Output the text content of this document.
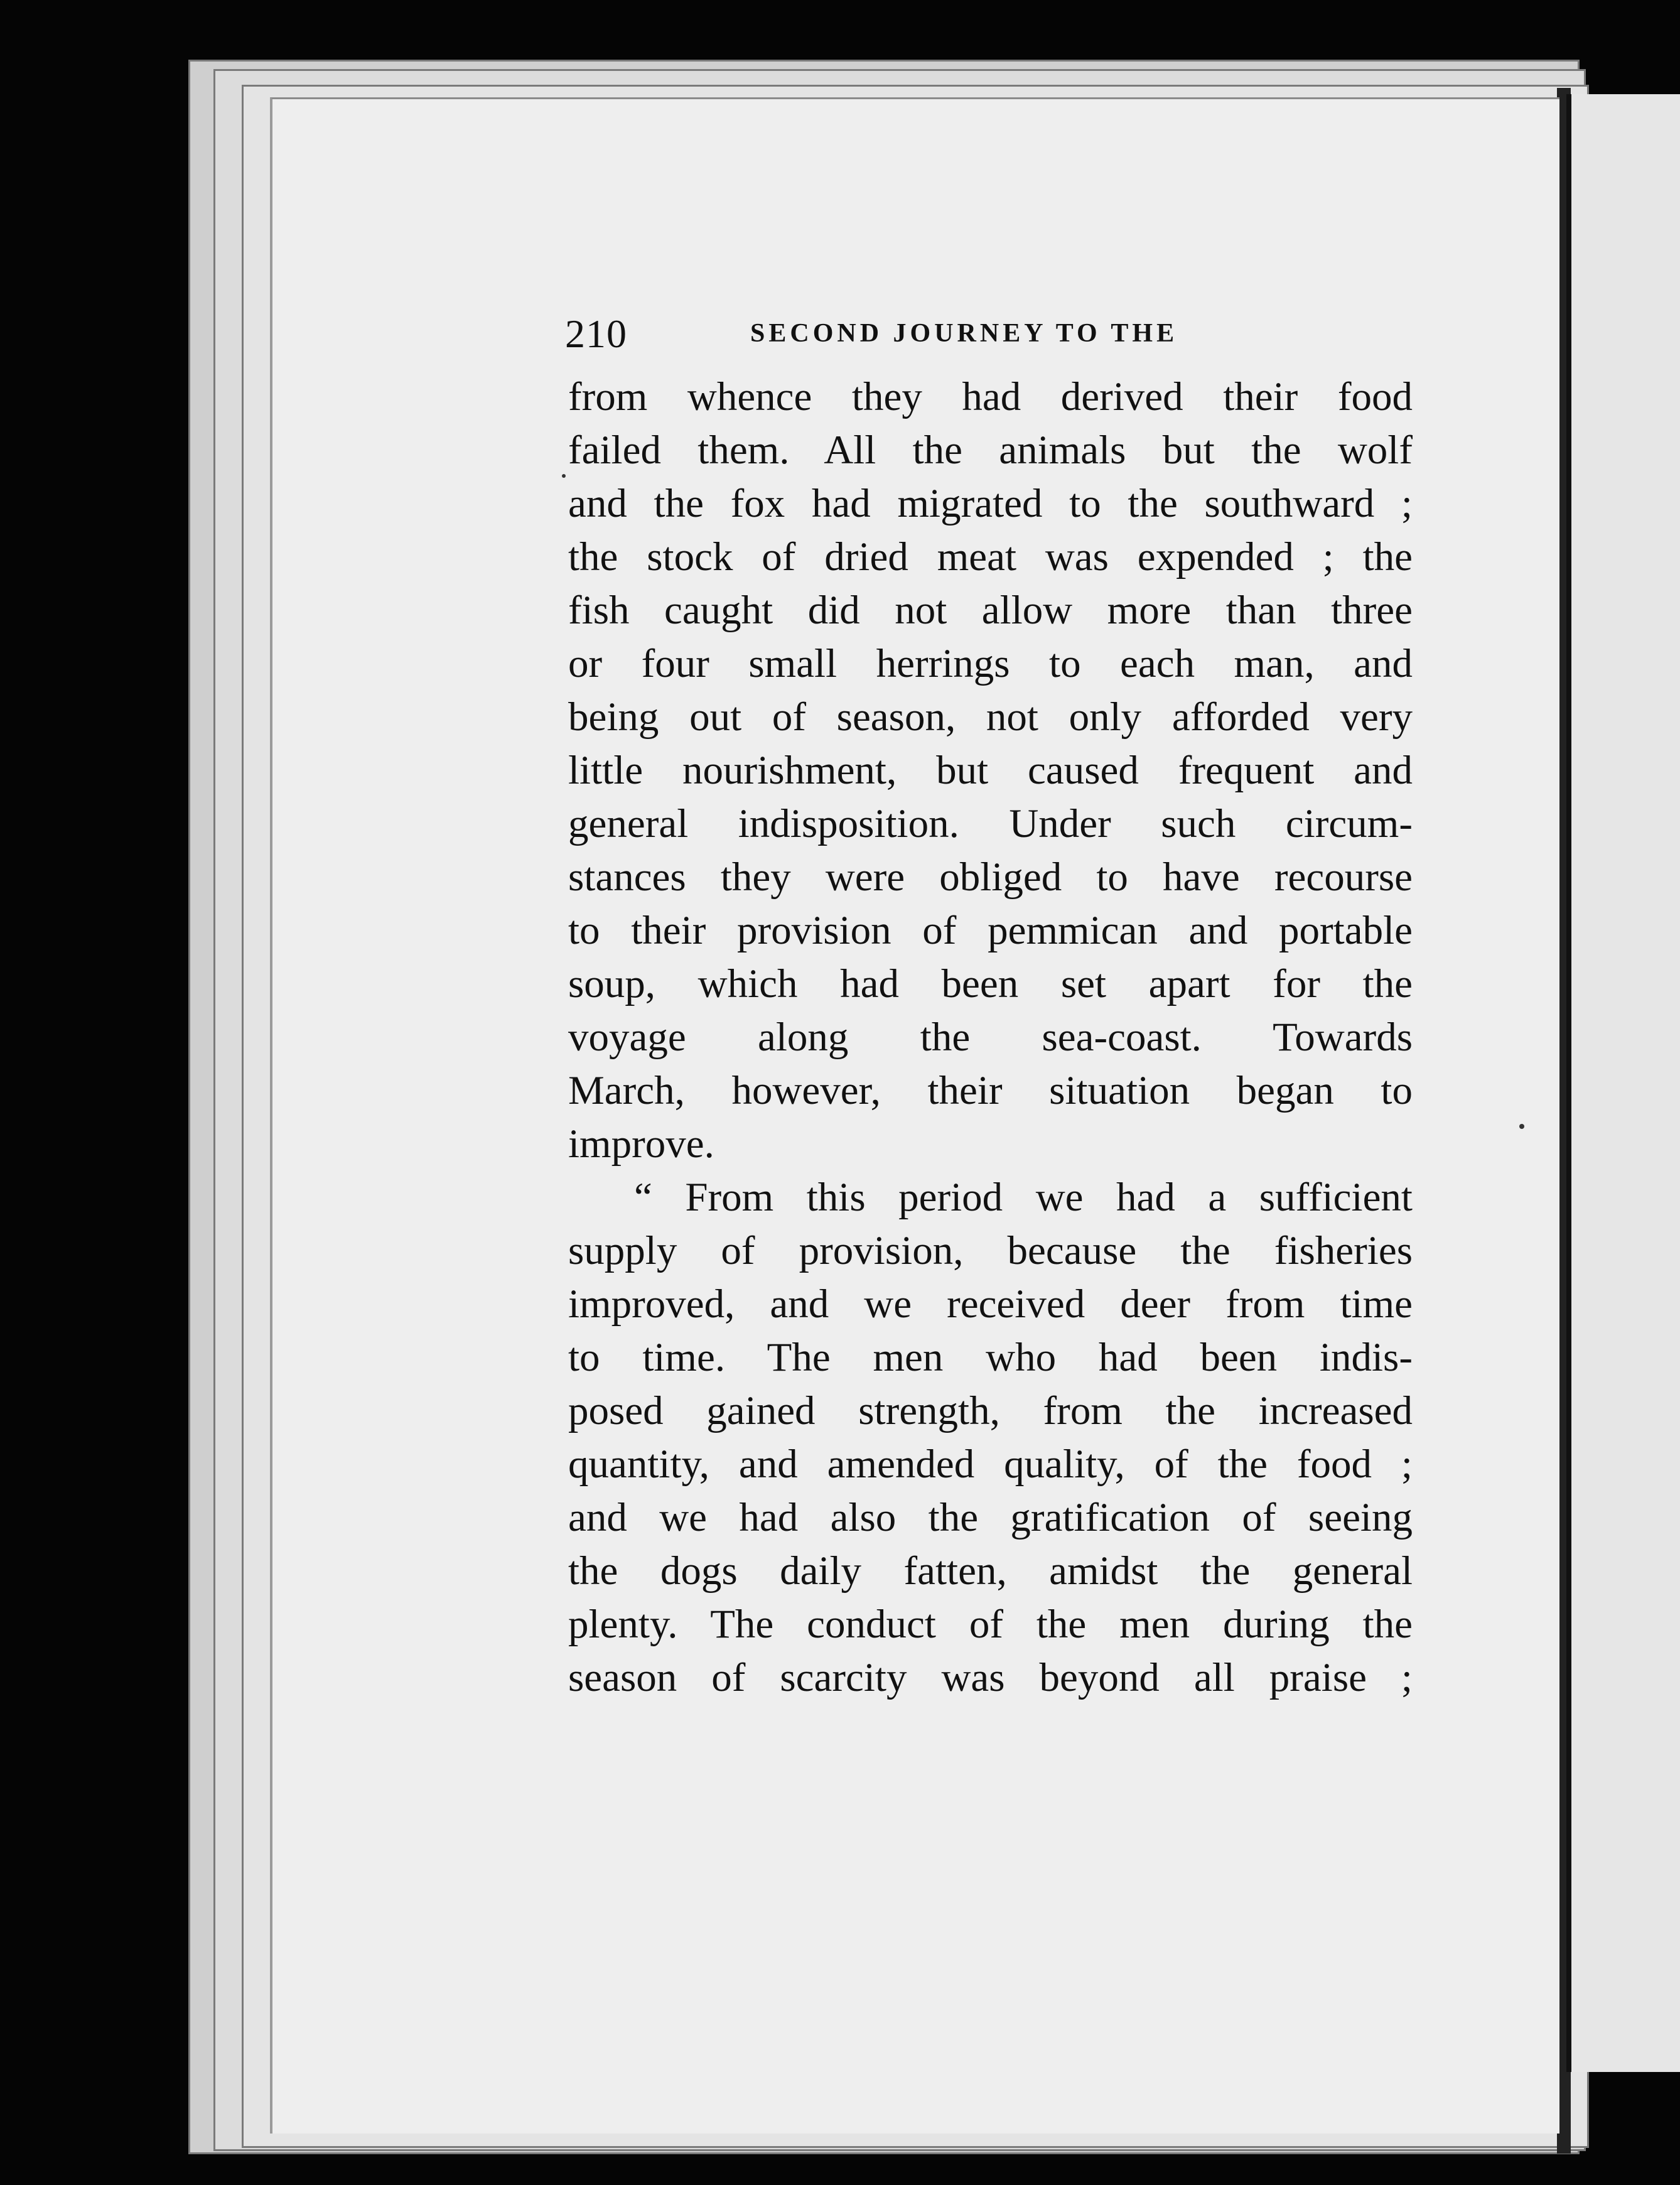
210	SECOND JOURNEY TO THE
from whence they had derived their food
failed them. All the animals but the wolf
and the fox had migrated to the southward ;
the stock of dried meat was expended ; the
fish caught did not allow more than three
or four small herrings to each man, and
being out of season, not only afforded very
little nourishment, but caused frequent and
general indisposition. Under such circum-
stances they were obliged to have recourse
to their provision of pemmican and portable
soup, which had been set apart for the
voyage along the sea-coast. Towards
March, however, their situation began to
improve.
“ From this period we had a sufficient
supply of provision, because the fisheries
improved, and we received deer from time
to time. The men who had been indis-
posed gained strength, from the increased
quantity, and amended quality, of the food ;
and we had also the gratification of seeing
the dogs daily fatten, amidst the general
plenty. The conduct of the men during the
season of scarcity was beyond all praise ;
